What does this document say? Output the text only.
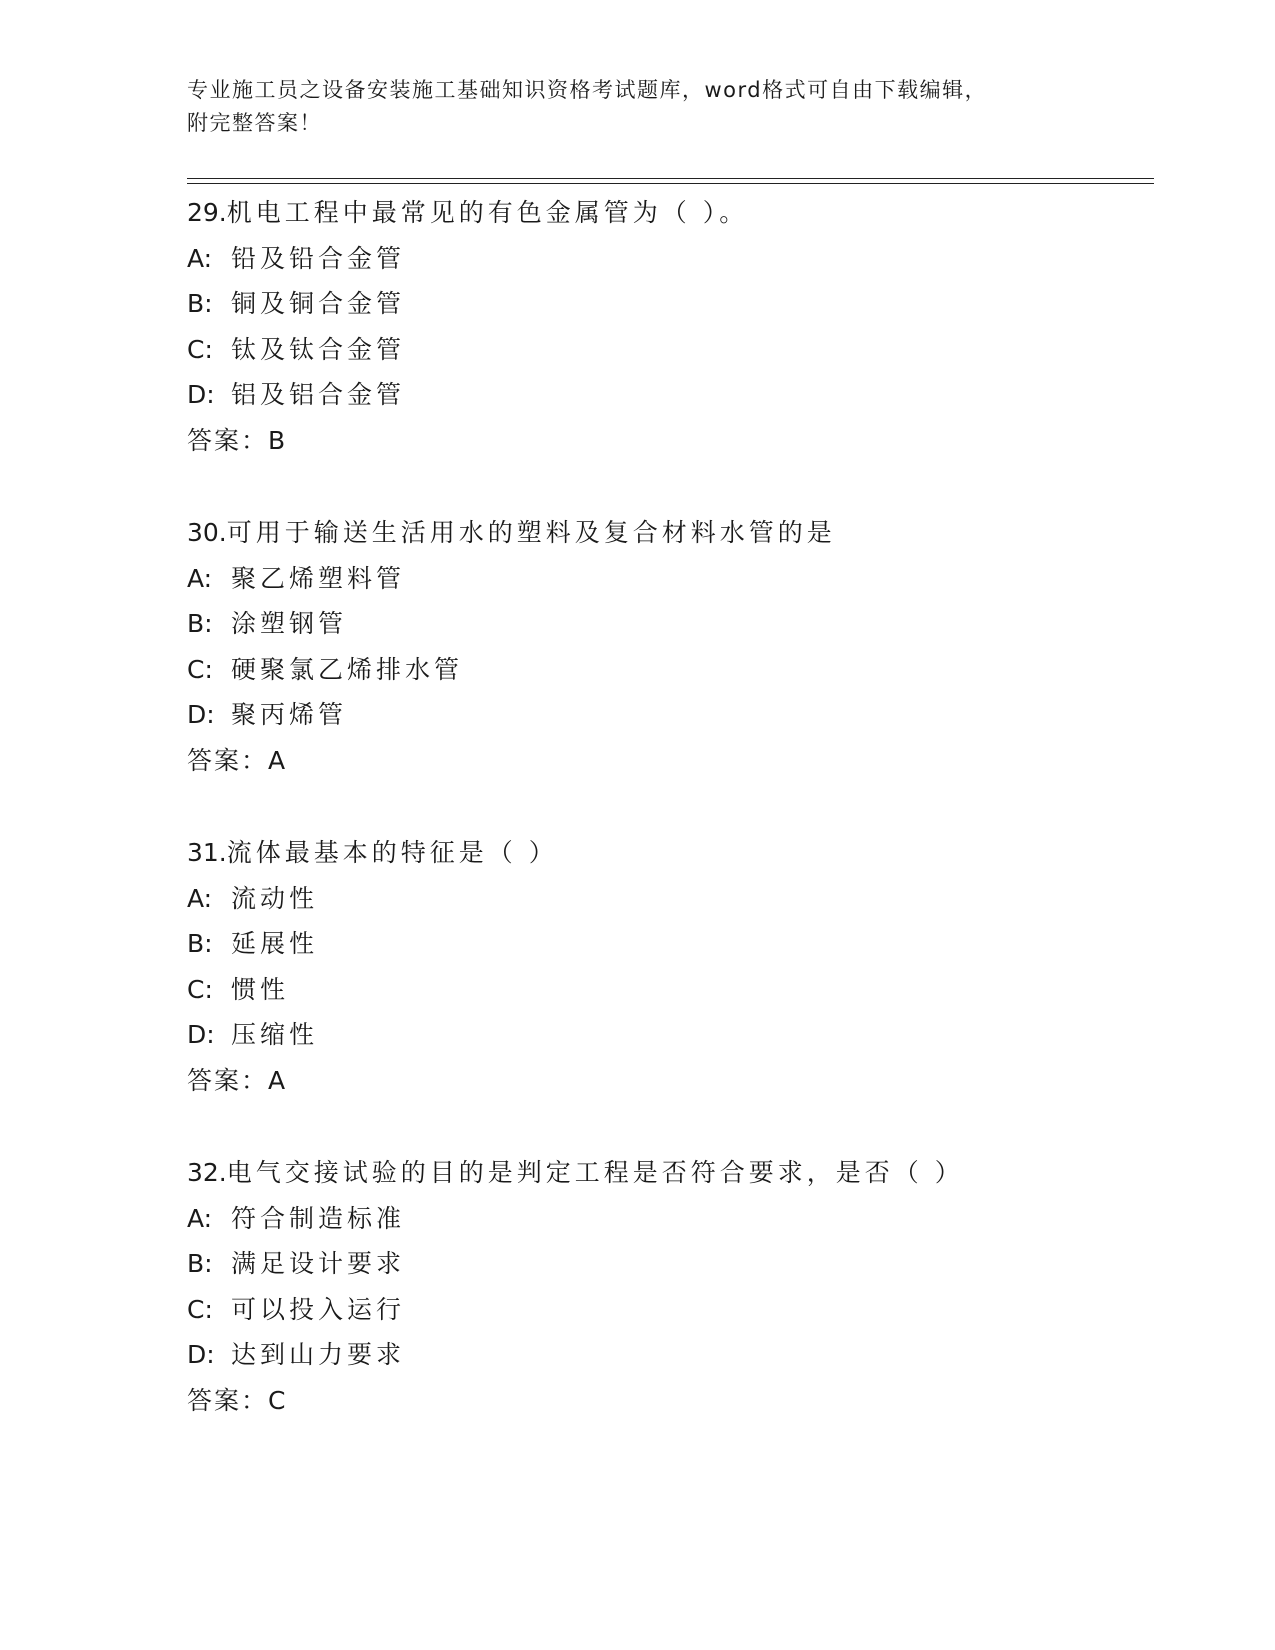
专业施工员之设备安装施工基础知识资格考试题库，word格式可自由下载编辑，
附完整答案！
29.机电工程中最常见的有色金属管为（ ）。
A: 铅及铅合金管
B: 铜及铜合金管
C: 钛及钛合金管
D: 铝及铝合金管
答案：B
30.可用于输送生活用水的塑料及复合材料水管的是
A: 聚乙烯塑料管
B: 涂塑钢管
C: 硬聚氯乙烯排水管
D: 聚丙烯管
答案：A
31.流体最基本的特征是（ ）
A: 流动性
B: 延展性
C: 惯性
D: 压缩性
答案：A
32.电气交接试验的目的是判定工程是否符合要求，是否（ ）
A: 符合制造标准
B: 满足设计要求
C: 可以投入运行
D: 达到山力要求
答案：C
